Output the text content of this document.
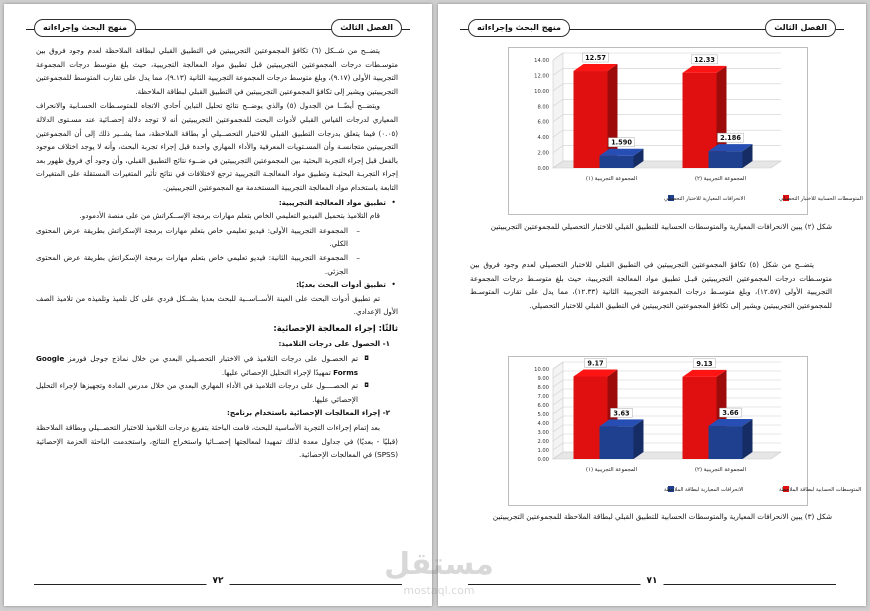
الفصل الثالث
منهج البحث وإجراءاته

يتضــح من شــكل (٦) تكافؤ المجموعتين التجريبيتين في التطبيق القبلي لبطاقة الملاحظة لعدم وجود فروق بين متوسـطات درجات المجموعتين التجريبيتين قبل تطبيق مواد المعالجة التجريبية، حيث بلغ متوسط درجات المجموعة التجريبية الأولى (٩.١٧)، وبلغ متوسط درجات المجموعة التجريبية الثانية (٩.١٣)، مما يدل على تقارب المتوسط للمجموعتين التجريبيتين ويشير إلى تكافؤ المجموعتين التجريبيتين في التطبيق القبلي لبطاقة الملاحظة.

ويتضــح أيضًــا من الجدول (٥) والذي يوضــح نتائج تحليل التباين أحادي الاتجاه للمتوسـطات الحسـابية والانحراف المعياري لدرجات القياس القبلي لأدوات البحث للمجموعتين التجريبيتين أنه لا توجد دلالة إحصـائية عند مسـتوى الدلالة (٠.٠٥) فيما يتعلق بدرجات التطبيق القبلي للاختبار التحصــيلي أو بطاقة الملاحظة، مما يشــير ذلك إلى أن المجموعتين التجريبيتين متجانسـة وأن المسـتويات المعرفية والأداء المهاري واحدة قبل إجراء تجربة البحث، وأنه لا يوجد اختلاف موجود بالفعل قبل إجراء التجربة البحثية بين المجموعتين التجريبيتين في ضــوء نتائج التطبيق القبلي، وأن وجود أي فروق ظهور بعد إجراء التجربـة البحثيـة وتطبيق مواد المعالجـة التجريبية ترجع لاختلافات في نتائج تأثير المتغيرات المستقلة على المتغيرات التابعة باستخدام مواد المعالجة التجريبية المستخدمة مع المجموعتين التجريبيتين.

• تطبيق مواد المعالجة التجريبية:

قام التلاميذ بتحميل الفيديو التعليمي الخاص بتعلم مهارات برمجة الإســكراتش من على منصة الأدمودو.

– المجموعة التجريبية الأولى: فيديو تعليمي خاص بتعلم مهارات برمجة الإسكراتش بطريقة عرض المحتوى الكلي.
– المجموعة التجريبية الثانية: فيديو تعليمي خاص بتعلم مهارات برمجة الإسكراتش بطريقة عرض المحتوى الجزئي.
• تطبيق أدوات البحث بعديًا:

تم تطبيق أدوات البحث على العينة الأســاســية للبحث بعديا بشــكل فردي على كل تلميذ وتلميذه من تلاميذ الصف الأول الإعدادي.

ثالثًا: إجراء المعالجة الإحصائية:

١- الحصول على درجات التلاميذ:

◘ تم الحصـول على درجات التلاميذ في الاختبار التحصـيلي البعدي من خلال نماذج جوجل فورمز Google Forms تمهيدًا لإجراء التحليل الإحصائي عليها.
◘ تم الحصــــول على درجات التلاميذ في الأداء المهاري البعدي من خلال مدرس المادة وتجهيزها لإجراء التحليل الإحصائي عليها.

٢- إجراء المعالجات الإحصائية باستخدام برنامج:

بعد إتمام إجراءات التجربة الأساسية للبحث، قامت الباحثة بتفريغ درجات التلاميذ للاختبار التحصــيلي وبطاقة الملاحظة (قبليًا - بعديًا) في جداول معدة لذلك تمهيدا لمعالجتها إحصــائيا واستخراج النتائج، واستخدمت الباحثة الحزمة الإحصائية (SPSS) في المعالجات الإحصائية.

٧٢
الفصل الثالث
منهج البحث وإجراءاته
0.00
2.00
4.00
6.00
8.00
10.00
12.00
14.00	12.57
1.590
المجموعة التجريبية (١)
12.33
2.186
المجموعة التجريبية (٢)
المتوسطات الحسابية للاختبار التحصيلي
الانحرافات المعيارية للاختبار التحصيلي
شكل (٢) يبين الانحرافات المعيارية والمتوسطات الحسابية للتطبيق القبلي للاختبار التحصيلي للمجموعتين التجريبيتين

يتضــح من شكل (٥) تكافؤ المجموعتين التجريبيتين في التطبيق القبلي للاختبار التحصيلي لعدم وجود فروق بين متوسـطات درجات المجموعتين التجريبيتين قبـل تطبيق مواد المعالجة التجريبية، حيث بلغ متوسـط درجات المجموعة التجريبية الأولى (١٢.٥٧)، وبلغ متوسـط درجات المجموعة التجريبية الثانية (١٢.٣٣)، مما يدل على تقارب المتوسـط للمجموعتين التجريبيتين ويشير إلى تكافؤ المجموعتين التجريبيتين في التطبيق القبلي للاختبار التحصيلي.

0.00
1.00
2.00
3.00
4.00
5.00
6.00
7.00
8.00
9.00
10.00
9.17
3.63
المجموعة التجريبية (١)
9.13
3.66
المجموعة التجريبية (٢)
المتوسطات الحسابية لبطاقة الملاحظة
الانحرافات المعيارية لبطاقة الملاحظة
شكل (٣) يبين الانحرافات المعيارية والمتوسطات الحسابية للتطبيق القبلي لبطاقة الملاحظة للمجموعتين التجريبيتين
٧١
مستقل
mostaql.com
